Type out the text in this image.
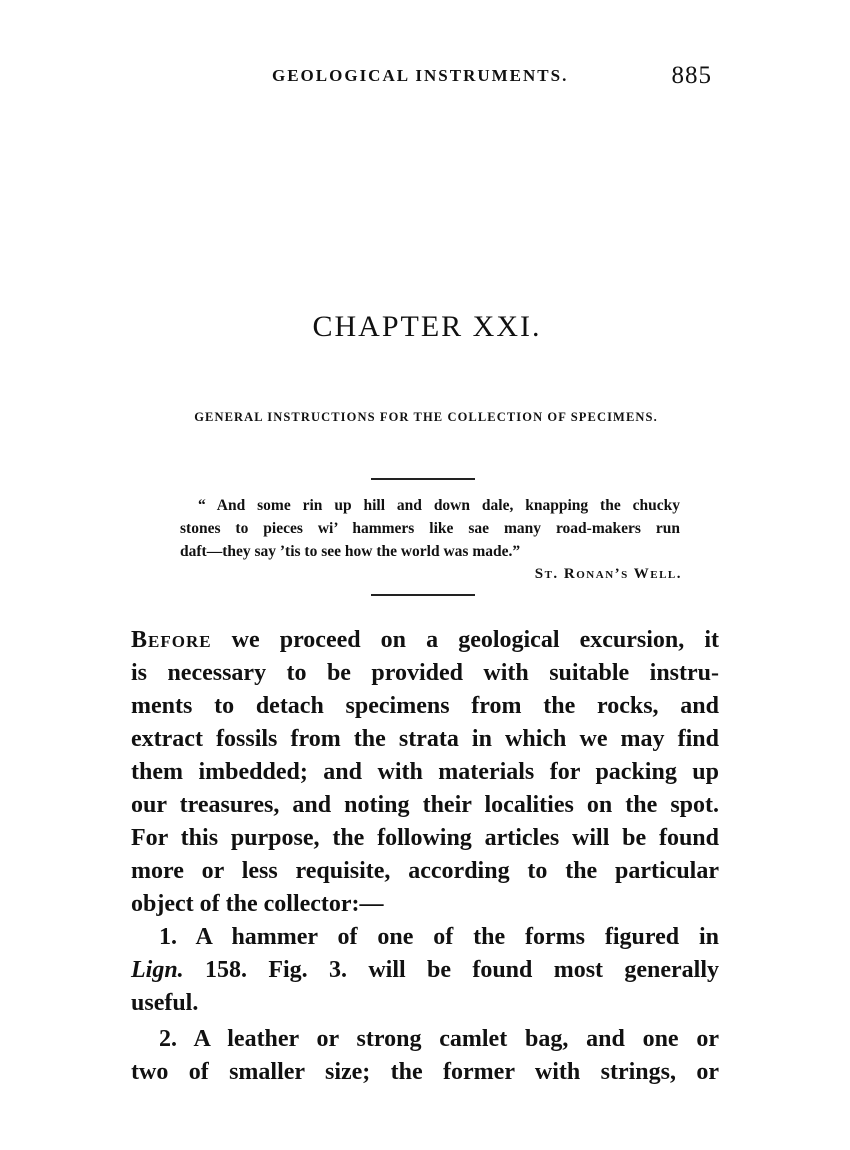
GEOLOGICAL INSTRUMENTS.	885
CHAPTER XXI.
GENERAL INSTRUCTIONS FOR THE COLLECTION OF SPECIMENS.
“ And some rin up hill and down dale, knapping the chucky
stones to pieces wi’ hammers like sae many road-makers run
daft—they say ’tis to see how the world was made.”
St. Ronan’s Well.
Before we proceed on a geological excursion, it
is necessary to be provided with suitable instru-
ments to detach specimens from the rocks, and
extract fossils from the strata in which we may find
them imbedded; and with materials for packing up
our treasures, and noting their localities on the spot.
For this purpose, the following articles will be found
more or less requisite, according to the particular
object of the collector:—
1. A hammer of one of the forms figured in
Lign. 158. Fig. 3. will be found most generally
useful.
2. A leather or strong camlet bag, and one or
two of smaller size; the former with strings, or
